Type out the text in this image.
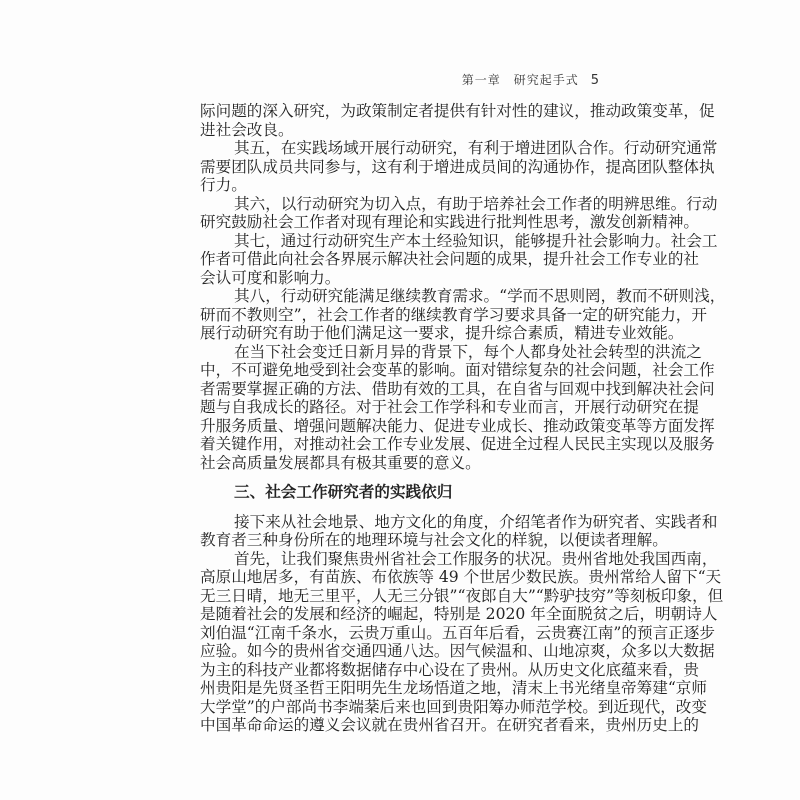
第一章　研究起手式 5
际问题的深入研究，为政策制定者提供有针对性的建议，推动政策变革，促
进社会改良。
其五，在实践场域开展行动研究，有利于增进团队合作。行动研究通常
需要团队成员共同参与，这有利于增进成员间的沟通协作，提高团队整体执
行力。
其六，以行动研究为切入点，有助于培养社会工作者的明辨思维。行动
研究鼓励社会工作者对现有理论和实践进行批判性思考，激发创新精神。
其七，通过行动研究生产本土经验知识，能够提升社会影响力。社会工
作者可借此向社会各界展示解决社会问题的成果，提升社会工作专业的社
会认可度和影响力。
其八，行动研究能满足继续教育需求。“学而不思则罔，教而不研则浅，
研而不教则空”，社会工作者的继续教育学习要求具备一定的研究能力，开
展行动研究有助于他们满足这一要求，提升综合素质，精进专业效能。
在当下社会变迁日新月异的背景下，每个人都身处社会转型的洪流之
中，不可避免地受到社会变革的影响。面对错综复杂的社会问题，社会工作
者需要掌握正确的方法、借助有效的工具，在自省与回观中找到解决社会问
题与自我成长的路径。对于社会工作学科和专业而言，开展行动研究在提
升服务质量、增强问题解决能力、促进专业成长、推动政策变革等方面发挥
着关键作用，对推动社会工作专业发展、促进全过程人民民主实现以及服务
社会高质量发展都具有极其重要的意义。
三、社会工作研究者的实践依归
接下来从社会地景、地方文化的角度，介绍笔者作为研究者、实践者和
教育者三种身份所在的地理环境与社会文化的样貌，以便读者理解。
首先，让我们聚焦贵州省社会工作服务的状况。贵州省地处我国西南，
高原山地居多，有苗族、布依族等 49 个世居少数民族。贵州常给人留下“天
无三日晴，地无三里平，人无三分银”“夜郎自大”“黔驴技穷”等刻板印象，但
是随着社会的发展和经济的崛起，特别是 2020 年全面脱贫之后，明朝诗人
刘伯温“江南千条水，云贵万重山。五百年后看，云贵赛江南”的预言正逐步
应验。如今的贵州省交通四通八达。因气候温和、山地凉爽，众多以大数据
为主的科技产业都将数据储存中心设在了贵州。从历史文化底蕴来看，贵
州贵阳是先贤圣哲王阳明先生龙场悟道之地，清末上书光绪皇帝筹建“京师
大学堂”的户部尚书李端棻后来也回到贵阳筹办师范学校。到近现代，改变
中国革命命运的遵义会议就在贵州省召开。在研究者看来，贵州历史上的
